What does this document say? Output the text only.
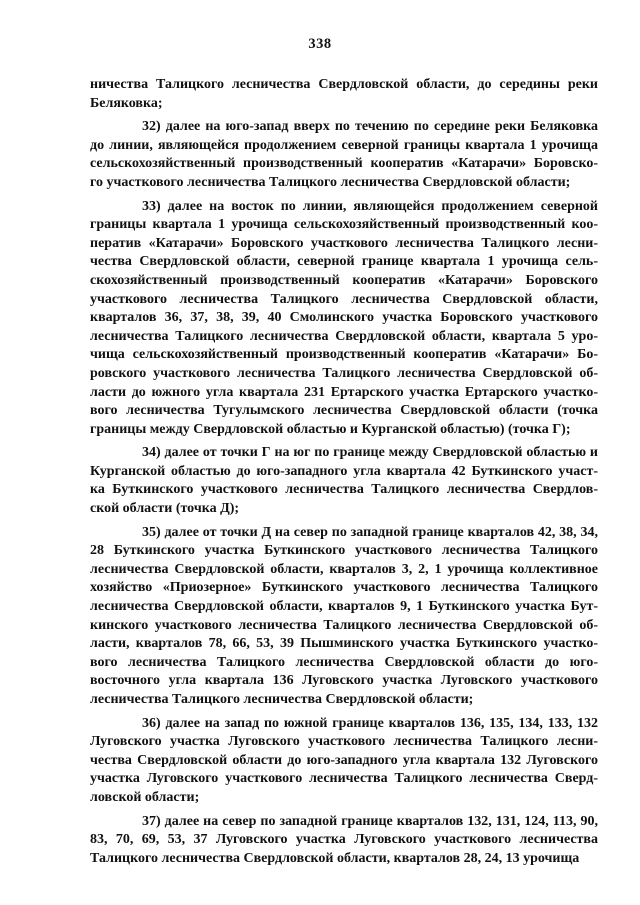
338
ничества Талицкого лесничества Свердловской области, до середины реки
Беляковка;
32) далее на юго-запад вверх по течению по середине реки Беляковка
до линии, являющейся продолжением северной границы квартала 1 урочища
сельскохозяйственный производственный кооператив «Катарачи» Боровско-
го участкового лесничества Талицкого лесничества Свердловской области;
33) далее на восток по линии, являющейся продолжением северной
границы квартала 1 урочища сельскохозяйственный производственный коо-
ператив «Катарачи» Боровского участкового лесничества Талицкого лесни-
чества Свердловской области, северной границе квартала 1 урочища сель-
скохозяйственный производственный кооператив «Катарачи» Боровского
участкового лесничества Талицкого лесничества Свердловской области,
кварталов 36, 37, 38, 39, 40 Смолинского участка Боровского участкового
лесничества Талицкого лесничества Свердловской области, квартала 5 уро-
чища сельскохозяйственный производственный кооператив «Катарачи» Бо-
ровского участкового лесничества Талицкого лесничества Свердловской об-
ласти до южного угла квартала 231 Ертарского участка Ертарского участко-
вого лесничества Тугулымского лесничества Свердловской области (точка
границы между Свердловской областью и Курганской областью) (точка Г);
34) далее от точки Г на юг по границе между Свердловской областью и
Курганской областью до юго-западного угла квартала 42 Буткинского участ-
ка Буткинского участкового лесничества Талицкого лесничества Свердлов-
ской области (точка Д);
35) далее от точки Д на север по западной границе кварталов 42, 38, 34,
28 Буткинского участка Буткинского участкового лесничества Талицкого
лесничества Свердловской области, кварталов 3, 2, 1 урочища коллективное
хозяйство «Приозерное» Буткинского участкового лесничества Талицкого
лесничества Свердловской области, кварталов 9, 1 Буткинского участка Бут-
кинского участкового лесничества Талицкого лесничества Свердловской об-
ласти, кварталов 78, 66, 53, 39 Пышминского участка Буткинского участко-
вого лесничества Талицкого лесничества Свердловской области до юго-
восточного угла квартала 136 Луговского участка Луговского участкового
лесничества Талицкого лесничества Свердловской области;
36) далее на запад по южной границе кварталов 136, 135, 134, 133, 132
Луговского участка Луговского участкового лесничества Талицкого лесни-
чества Свердловской области до юго-западного угла квартала 132 Луговского
участка Луговского участкового лесничества Талицкого лесничества Сверд-
ловской области;
37) далее на север по западной границе кварталов 132, 131, 124, 113, 90,
83, 70, 69, 53, 37 Луговского участка Луговского участкового лесничества
Талицкого лесничества Свердловской области, кварталов 28, 24, 13 урочища
